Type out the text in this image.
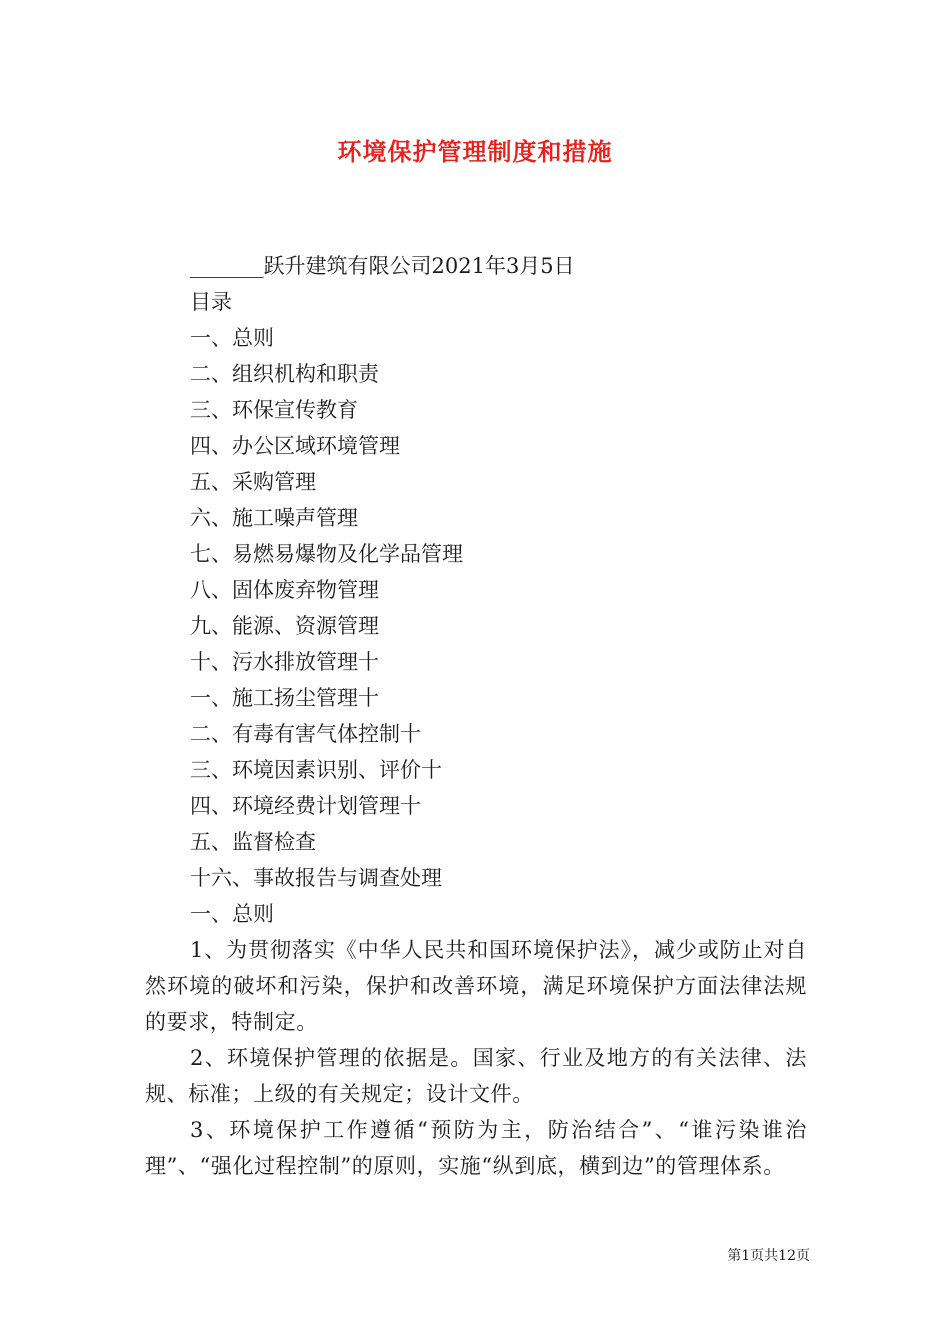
环境保护管理制度和措施
_______跃升建筑有限公司2021年3月5日
目录
一、总则
二、组织机构和职责
三、环保宣传教育
四、办公区域环境管理
五、采购管理
六、施工噪声管理
七、易燃易爆物及化学品管理
八、固体废弃物管理
九、能源、资源管理
十、污水排放管理十
一、施工扬尘管理十
二、有毒有害气体控制十
三、环境因素识别、评价十
四、环境经费计划管理十
五、监督检查
十六、事故报告与调查处理
一、总则
1、为贯彻落实《中华人民共和国环境保护法》，减少或防止对自然环境的破坏和污染，保护和改善环境，满足环境保护方面法律法规的要求，特制定。
2、环境保护管理的依据是。国家、行业及地方的有关法律、法规、标准；上级的有关规定；设计文件。
3、环境保护工作遵循“预防为主，防治结合”、“谁污染谁治理”、“强化过程控制”的原则，实施“纵到底，横到边”的管理体系。
第1页共12页
